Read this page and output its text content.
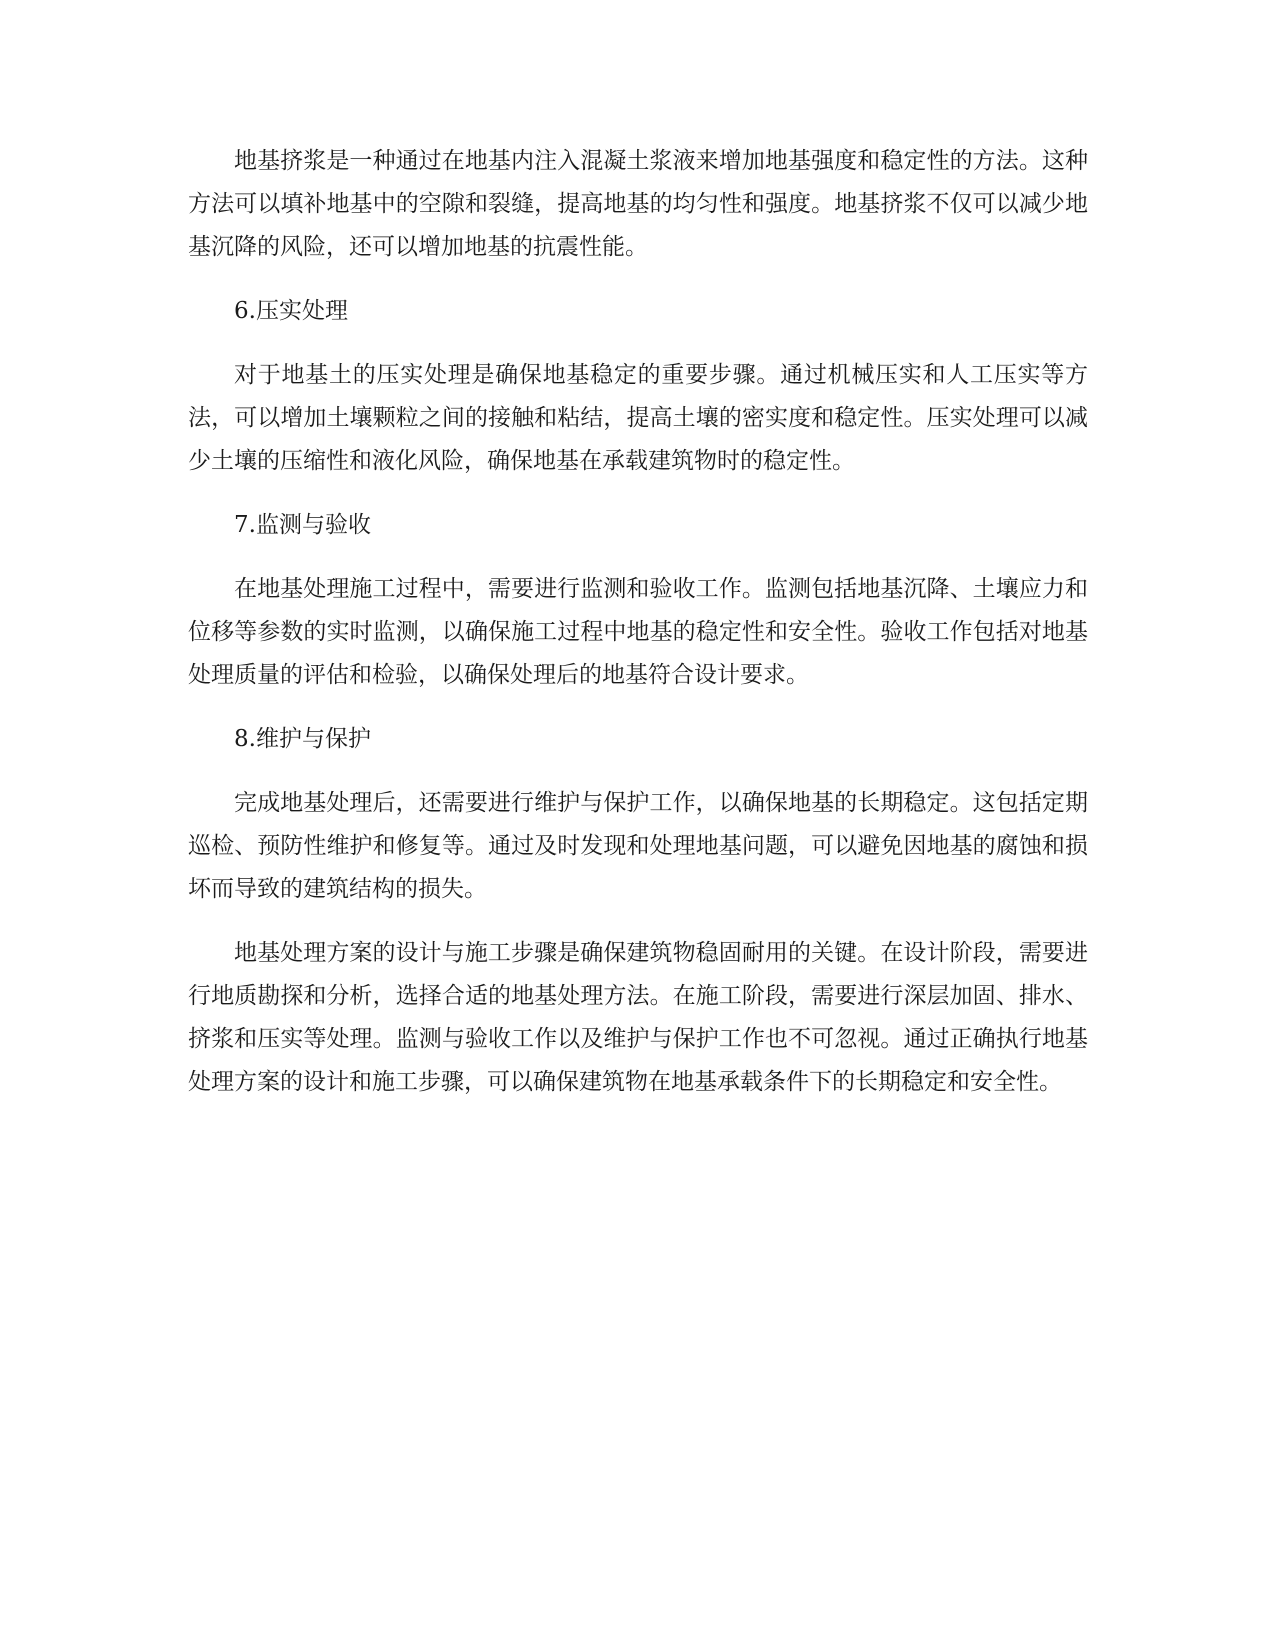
地基挤浆是一种通过在地基内注入混凝土浆液来增加地基强度和稳定性的方法。这种方法可以填补地基中的空隙和裂缝，提高地基的均匀性和强度。地基挤浆不仅可以减少地基沉降的风险，还可以增加地基的抗震性能。

6.压实处理

对于地基土的压实处理是确保地基稳定的重要步骤。通过机械压实和人工压实等方法，可以增加土壤颗粒之间的接触和粘结，提高土壤的密实度和稳定性。压实处理可以减少土壤的压缩性和液化风险，确保地基在承载建筑物时的稳定性。

7.监测与验收

在地基处理施工过程中，需要进行监测和验收工作。监测包括地基沉降、土壤应力和位移等参数的实时监测，以确保施工过程中地基的稳定性和安全性。验收工作包括对地基处理质量的评估和检验，以确保处理后的地基符合设计要求。

8.维护与保护

完成地基处理后，还需要进行维护与保护工作，以确保地基的长期稳定。这包括定期巡检、预防性维护和修复等。通过及时发现和处理地基问题，可以避免因地基的腐蚀和损坏而导致的建筑结构的损失。

地基处理方案的设计与施工步骤是确保建筑物稳固耐用的关键。在设计阶段，需要进行地质勘探和分析，选择合适的地基处理方法。在施工阶段，需要进行深层加固、排水、挤浆和压实等处理。监测与验收工作以及维护与保护工作也不可忽视。通过正确执行地基处理方案的设计和施工步骤，可以确保建筑物在地基承载条件下的长期稳定和安全性。
